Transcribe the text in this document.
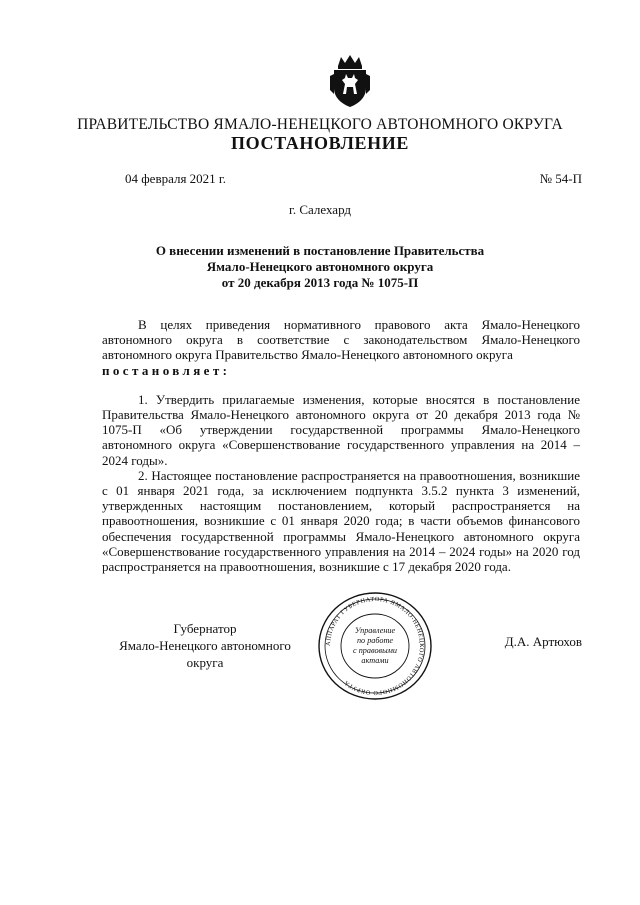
ПРАВИТЕЛЬСТВО ЯМАЛО-НЕНЕЦКОГО АВТОНОМНОГО ОКРУГА
ПОСТАНОВЛЕНИЕ
04 февраля 2021 г.	№ 54-П
г. Салехард
О внесении изменений в постановление Правительства
Ямало-Ненецкого автономного округа
от 20 декабря 2013 года № 1075-П

В целях приведения нормативного правового акта Ямало-Ненецкого автономного округа в соответствие с законодательством Ямало-Ненецкого автономного округа Правительство Ямало-Ненецкого автономного округа

постановляет:

1. Утвердить прилагаемые изменения, которые вносятся в постановление Правительства Ямало-Ненецкого автономного округа от 20 декабря 2013 года № 1075-П «Об утверждении государственной программы Ямало-Ненецкого автономного округа «Совершенствование государственного управления на 2014 – 2024 годы».

2. Настоящее постановление распространяется на правоотношения, возникшие с 01 января 2021 года, за исключением подпункта 3.5.2 пункта 3 изменений, утвержденных настоящим постановлением, который распространяется на правоотношения, возникшие с 01 января 2020 года; в части объемов финансового обеспечения государственной программы Ямало-Ненецкого автономного округа «Совершенствование государственного управления на 2014 – 2024 годы» на 2020 год распространяется на правоотношения, возникшие с 17 декабря 2020 года.

Губернатор
Ямало-Ненецкого автономного округа
Д.А. Артюхов
АППАРАТ ГУБЕРНАТОРА ЯМАЛО-НЕНЕЦКОГО АВТОНОМНОГО ОКРУГА
Управление
по работе
с правовыми
актами
